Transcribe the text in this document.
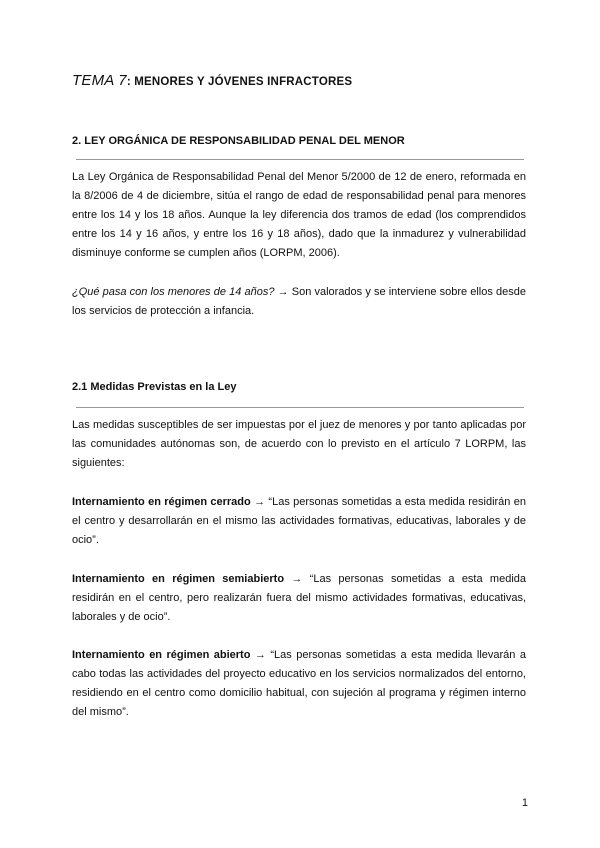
TEMA 7: MENORES Y JÓVENES INFRACTORES
2. LEY ORGÁNICA DE RESPONSABILIDAD PENAL DEL MENOR

La Ley Orgánica de Responsabilidad Penal del Menor 5/2000 de 12 de enero, reformada en la 8/2006 de 4 de diciembre, sitúa el rango de edad de responsabilidad penal para menores entre los 14 y los 18 años. Aunque la ley diferencia dos tramos de edad (los comprendidos entre los 14 y 16 años, y entre los 16 y 18 años), dado que la inmadurez y vulnerabilidad disminuye conforme se cumplen años (LORPM, 2006).

¿Qué pasa con los menores de 14 años? → Son valorados y se interviene sobre ellos desde los servicios de protección a infancia.

2.1 Medidas Previstas en la Ley

Las medidas susceptibles de ser impuestas por el juez de menores y por tanto aplicadas por las comunidades autónomas son, de acuerdo con lo previsto en el artículo 7 LORPM, las siguientes:

Internamiento en régimen cerrado → “Las personas sometidas a esta medida residirán en el centro y desarrollarán en el mismo las actividades formativas, educativas, laborales y de ocio”.

Internamiento en régimen semiabierto → “Las personas sometidas a esta medida residirán en el centro, pero realizarán fuera del mismo actividades formativas, educativas, laborales y de ocio”.

Internamiento en régimen abierto → “Las personas sometidas a esta medida llevarán a cabo todas las actividades del proyecto educativo en los servicios normalizados del entorno, residiendo en el centro como domicilio habitual, con sujeción al programa y régimen interno del mismo”.

1
